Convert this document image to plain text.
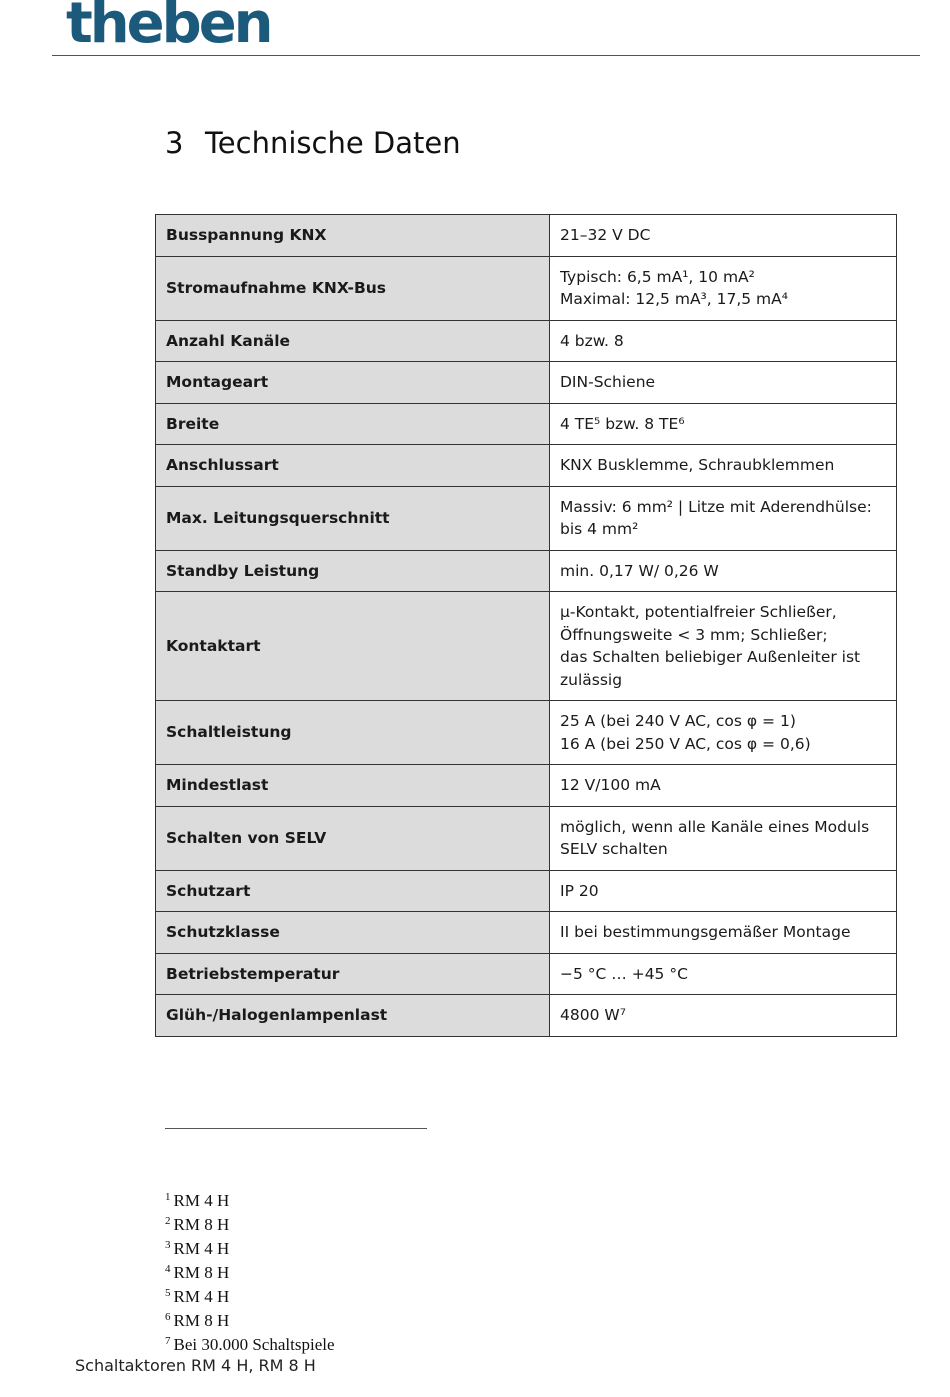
theben
3 Technische Daten
Busspannung KNX	21–32 V DC
Stromaufnahme KNX-Bus	Typisch: 6,5 mA¹, 10 mA²
Maximal: 12,5 mA³, 17,5 mA⁴
Anzahl Kanäle	4 bzw. 8
Montageart	DIN-Schiene
Breite	4 TE⁵ bzw. 8 TE⁶
Anschlussart	KNX Busklemme, Schraubklemmen
Max. Leitungsquerschnitt	Massiv: 6 mm² | Litze mit Aderendhülse:
bis 4 mm²
Standby Leistung	min. 0,17 W/ 0,26 W
Kontaktart	µ-Kontakt, potentialfreier Schließer,
Öffnungsweite < 3 mm; Schließer;
das Schalten beliebiger Außenleiter ist
zulässig
Schaltleistung	25 A (bei 240 V AC, cos φ = 1)
16 A (bei 250 V AC, cos φ = 0,6)
Mindestlast	12 V/100 mA
Schalten von SELV	möglich, wenn alle Kanäle eines Moduls
SELV schalten
Schutzart	IP 20
Schutzklasse	II bei bestimmungsgemäßer Montage
Betriebstemperatur	−5 °C … +45 °C
Glüh-/Halogenlampenlast	4800 W⁷
$^1$ RM 4 H
$^2$ RM 8 H
$^3$ RM 4 H
$^4$ RM 8 H
$^5$ RM 4 H
$^6$ RM 8 H
$^7$ Bei 30.000 Schaltspiele
Schaltaktoren RM 4 H, RM 8 H
